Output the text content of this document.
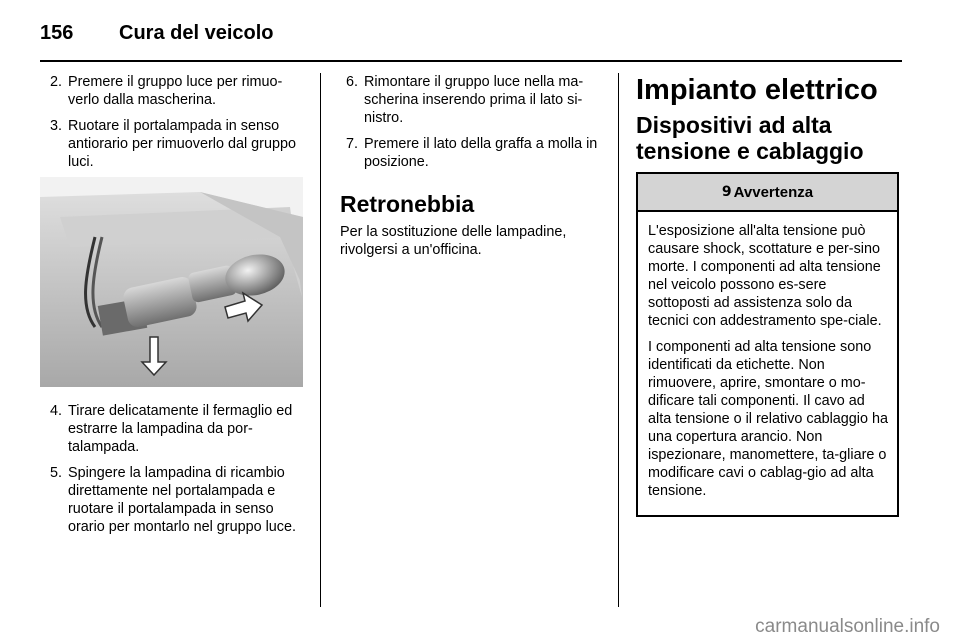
156 Cura del veicolo
2. Premere il gruppo luce per rimuo-verlo dalla mascherina.
3. Ruotare il portalampada in senso antiorario per rimuoverlo dal gruppo luci.
4. Tirare delicatamente il fermaglio ed estrarre la lampadina da por-talampada.
5. Spingere la lampadina di ricambio direttamente nel portalampada e ruotare il portalampada in senso orario per montarlo nel gruppo luce.
6. Rimontare il gruppo luce nella ma-scherina inserendo prima il lato si-nistro.
7. Premere il lato della graffa a molla in posizione.
Retronebbia
Per la sostituzione delle lampadine, rivolgersi a un'officina.
Impianto elettrico
Dispositivi ad alta tensione e cablaggio
9 Avvertenza

L'esposizione all'alta tensione può causare shock, scottature e per-sino morte. I componenti ad alta tensione nel veicolo possono es-sere sottoposti ad assistenza solo da tecnici con addestramento spe-ciale.

I componenti ad alta tensione sono identificati da etichette. Non rimuovere, aprire, smontare o mo-dificare tali componenti. Il cavo ad alta tensione o il relativo cablaggio ha una copertura arancio. Non ispezionare, manomettere, ta-gliare o modificare cavi o cablag-gio ad alta tensione.

carmanualsonline.info
